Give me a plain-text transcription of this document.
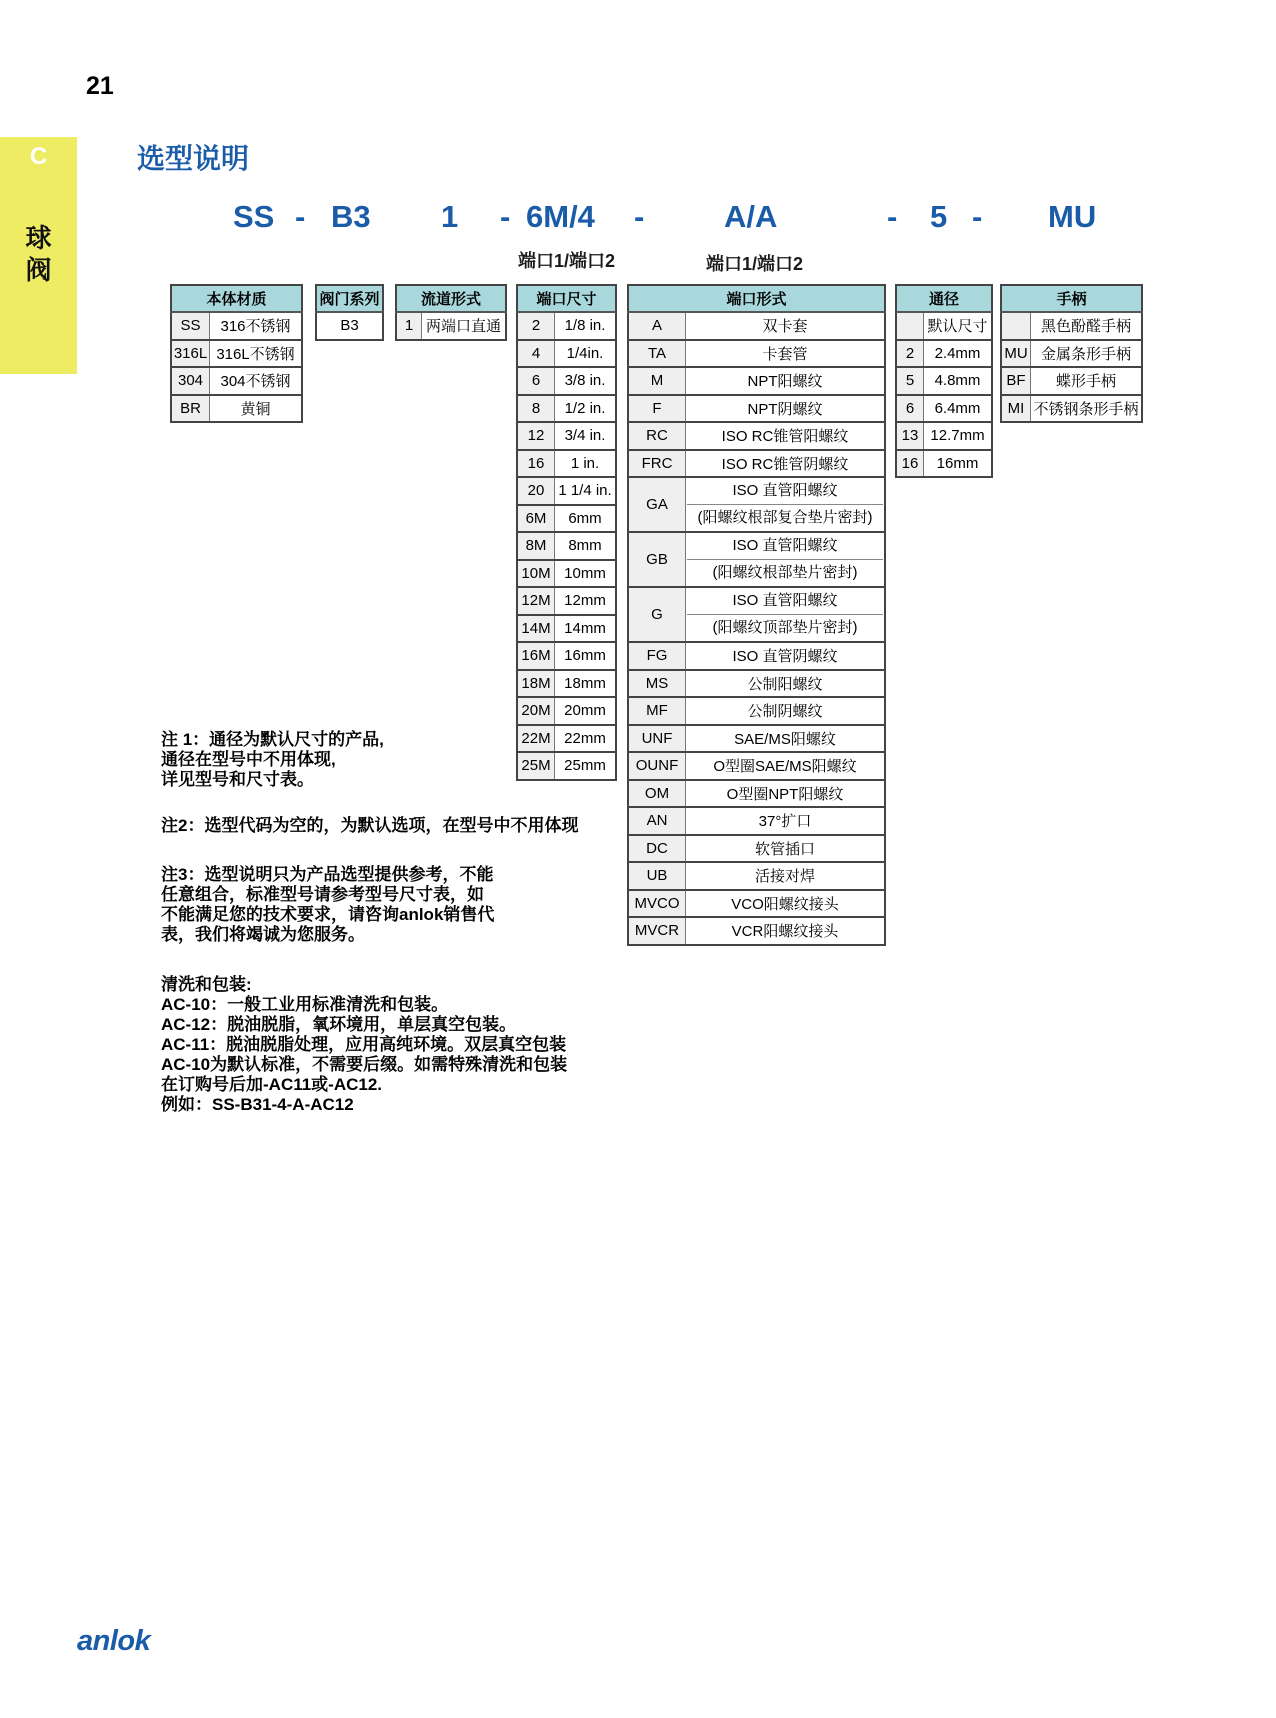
21
C
球
阀
选型说明
SS - B3 1 - 6M/4 -	A/A	- 5 - MU
端口1/端口2	端口1/端口2
本体材质	
SS	316不锈钢
316L	316L不锈钢
304	304不锈钢
BR	黄铜
阀门系列
B3
流道形式
1	两端口直通
端口尺寸	
2	1/8 in.
4	1/4in.
6	3/8 in.
8	1/2 in.
12	3/4 in.
16	1 in.
20	1 1/4 in.
6M	6mm
8M	8mm
10M	10mm
12M	12mm
14M	14mm
16M	16mm
18M	18mm
20M	20mm
22M	22mm
25M	25mm
端口形式	
A	双卡套
TA	卡套管
M	NPT阳螺纹
F	NPT阴螺纹
RC	ISO RC锥管阳螺纹
FRC	ISO RC锥管阴螺纹
GA	ISO 直管阳螺纹
(阳螺纹根部复合垫片密封)

GB	ISO 直管阳螺纹
(阳螺纹根部垫片密封)

G	ISO 直管阳螺纹
(阳螺纹顶部垫片密封)

FG	ISO 直管阴螺纹
MS	公制阳螺纹
MF	公制阴螺纹
UNF	SAE/MS阳螺纹
OUNF	O型圈SAE/MS阳螺纹
OM	O型圈NPT阳螺纹
AN	37°扩口
DC	软管插口
UB	活接对焊
MVCO	VCO阳螺纹接头
MVCR	VCR阳螺纹接头
通径	
	默认尺寸
2	2.4mm
5	4.8mm
6	6.4mm
13	12.7mm
16	16mm
手柄	
	黑色酚醛手柄
MU	金属条形手柄
BF	蝶形手柄
MI	不锈钢条形手柄
注 1：通径为默认尺寸的产品,
通径在型号中不用体现,
详见型号和尺寸表。
注2：选型代码为空的，为默认选项，在型号中不用体现
注3：选型说明只为产品选型提供参考，不能
任意组合，标准型号请参考型号尺寸表，如
不能满足您的技术要求，请咨询anlok销售代
表，我们将竭诚为您服务。
清洗和包装:
AC-10：一般工业用标准清洗和包装。
AC-12：脱油脱脂，氧环境用，单层真空包装。
AC-11：脱油脱脂处理，应用高纯环境。双层真空包装
AC-10为默认标准，不需要后缀。如需特殊清洗和包装
在订购号后加-AC11或-AC12.
例如：SS-B31-4-A-AC12
anlok
